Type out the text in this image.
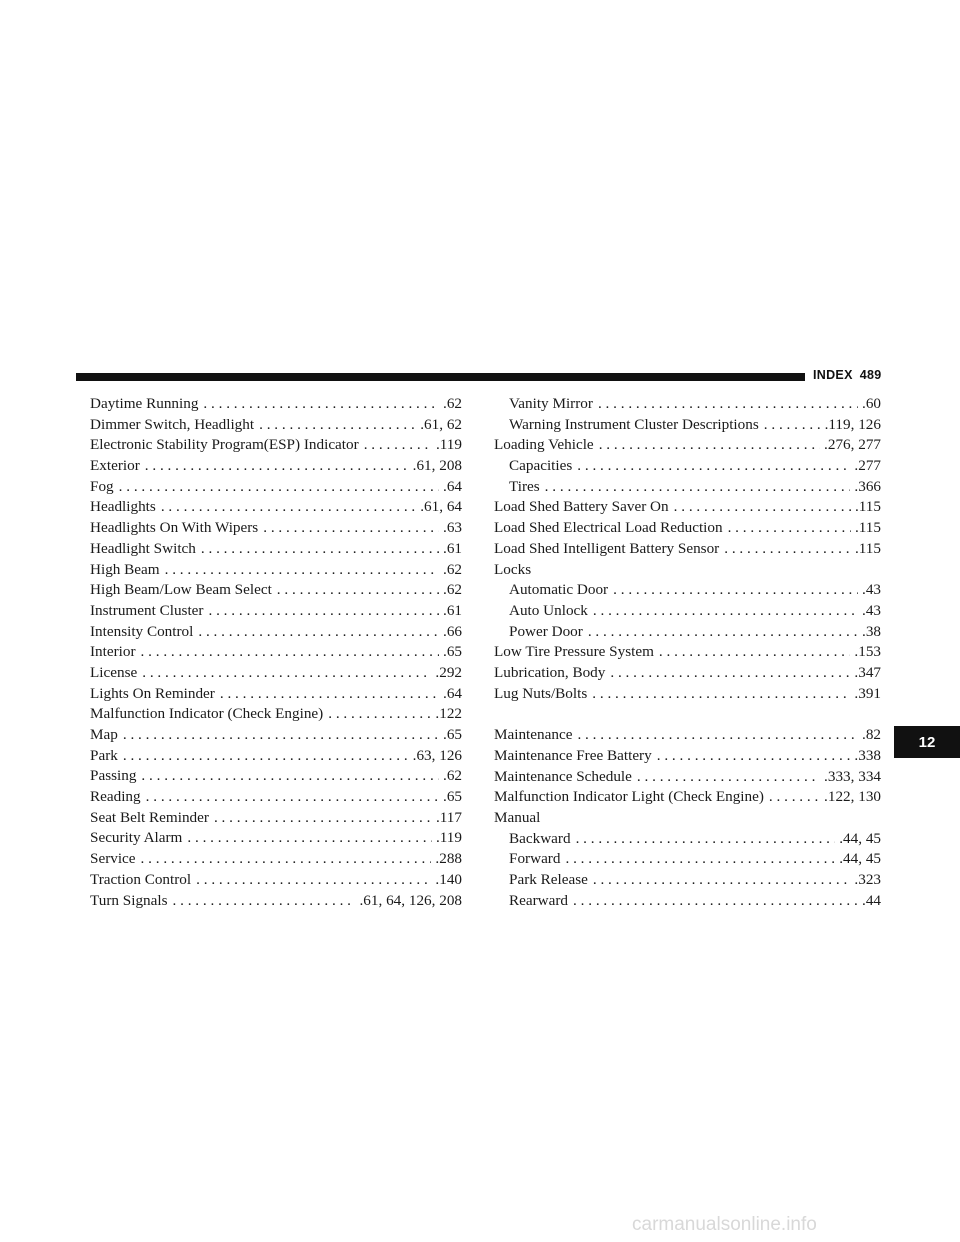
INDEX 489
Daytime Running . . .	.62
Dimmer Switch, Headlight . . .	.61, 62
Electronic Stability Program(ESP) Indicator . . .	.119
Exterior . . .	.61, 208
Fog . . .	.64
Headlights . . .	.61, 64
Headlights On With Wipers . . .	.63
Headlight Switch . . .	.61
High Beam . . .	.62
High Beam/Low Beam Select . . .	.62
Instrument Cluster . . .	.61
Intensity Control . . .	.66
Interior . . .	.65
License . . .	.292
Lights On Reminder . . .	.64
Malfunction Indicator (Check Engine) . . .	.122
Map . . .	.65
Park . . .	.63, 126
Passing . . .	.62
Reading . . .	.65
Seat Belt Reminder . . .	.117
Security Alarm . . .	.119
Service . . .	.288
Traction Control . . .	.140
Turn Signals . . .	.61, 64, 126, 208
Vanity Mirror . . .	.60
Warning Instrument Cluster Descriptions . . .	.119, 126
Loading Vehicle . . .	.276, 277
Capacities . . .	.277
Tires . . .	.366
Load Shed Battery Saver On . . .	.115
Load Shed Electrical Load Reduction . . .	.115
Load Shed Intelligent Battery Sensor . . .	.115
Locks
Automatic Door . . .	.43
Auto Unlock . . .	.43
Power Door . . .	.38
Low Tire Pressure System . . .	.153
Lubrication, Body . . .	.347
Lug Nuts/Bolts . . .	.391
Maintenance . . .	.82
Maintenance Free Battery . . .	.338
Maintenance Schedule . . .	.333, 334
Malfunction Indicator Light (Check Engine) . . .	.122, 130
Manual
Backward . . .	.44, 45
Forward . . .	.44, 45
Park Release . . .	.323
Rearward . . .	.44
12
carmanualsonline.info
